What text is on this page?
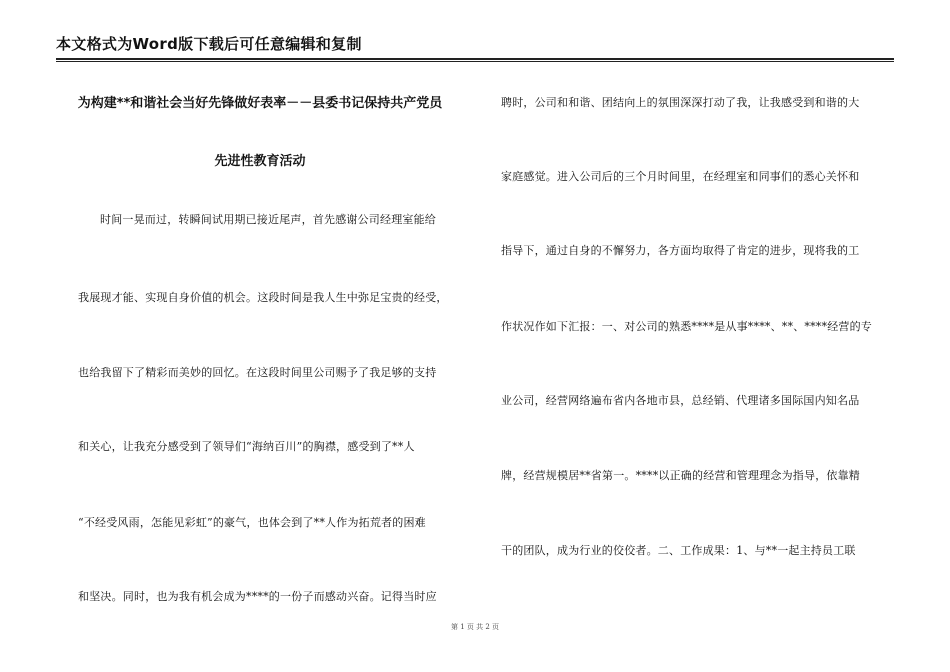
本文格式为Word版下载后可任意编辑和复制
为构建**和谐社会当好先锋做好表率－－县委书记保持共产党员
先进性教育活动
时间一晃而过，转瞬间试用期已接近尾声，首先感谢公司经理室能给
我展现才能、实现自身价值的机会。这段时间是我人生中弥足宝贵的经受，
也给我留下了精彩而美妙的回忆。在这段时间里公司赐予了我足够的支持
和关心，让我充分感受到了领导们“海纳百川”的胸襟，感受到了**人
“不经受风雨，怎能见彩虹”的豪气，也体会到了**人作为拓荒者的困难
和坚决。同时，也为我有机会成为****的一份子而感动兴奋。记得当时应
聘时，公司和和谐、团结向上的氛围深深打动了我，让我感受到和谐的大
家庭感觉。进入公司后的三个月时间里，在经理室和同事们的悉心关怀和
指导下，通过自身的不懈努力，各方面均取得了肯定的进步，现将我的工
作状况作如下汇报：一、对公司的熟悉****是从事****、**、****经营的专
业公司，经营网络遍布省内各地市县，总经销、代理诸多国际国内知名品
牌，经营规模居**省第一。****以正确的经营和管理理念为指导，依靠精
干的团队，成为行业的佼佼者。二、工作成果：1、与**一起主持员工联
第 1 页 共 2 页
